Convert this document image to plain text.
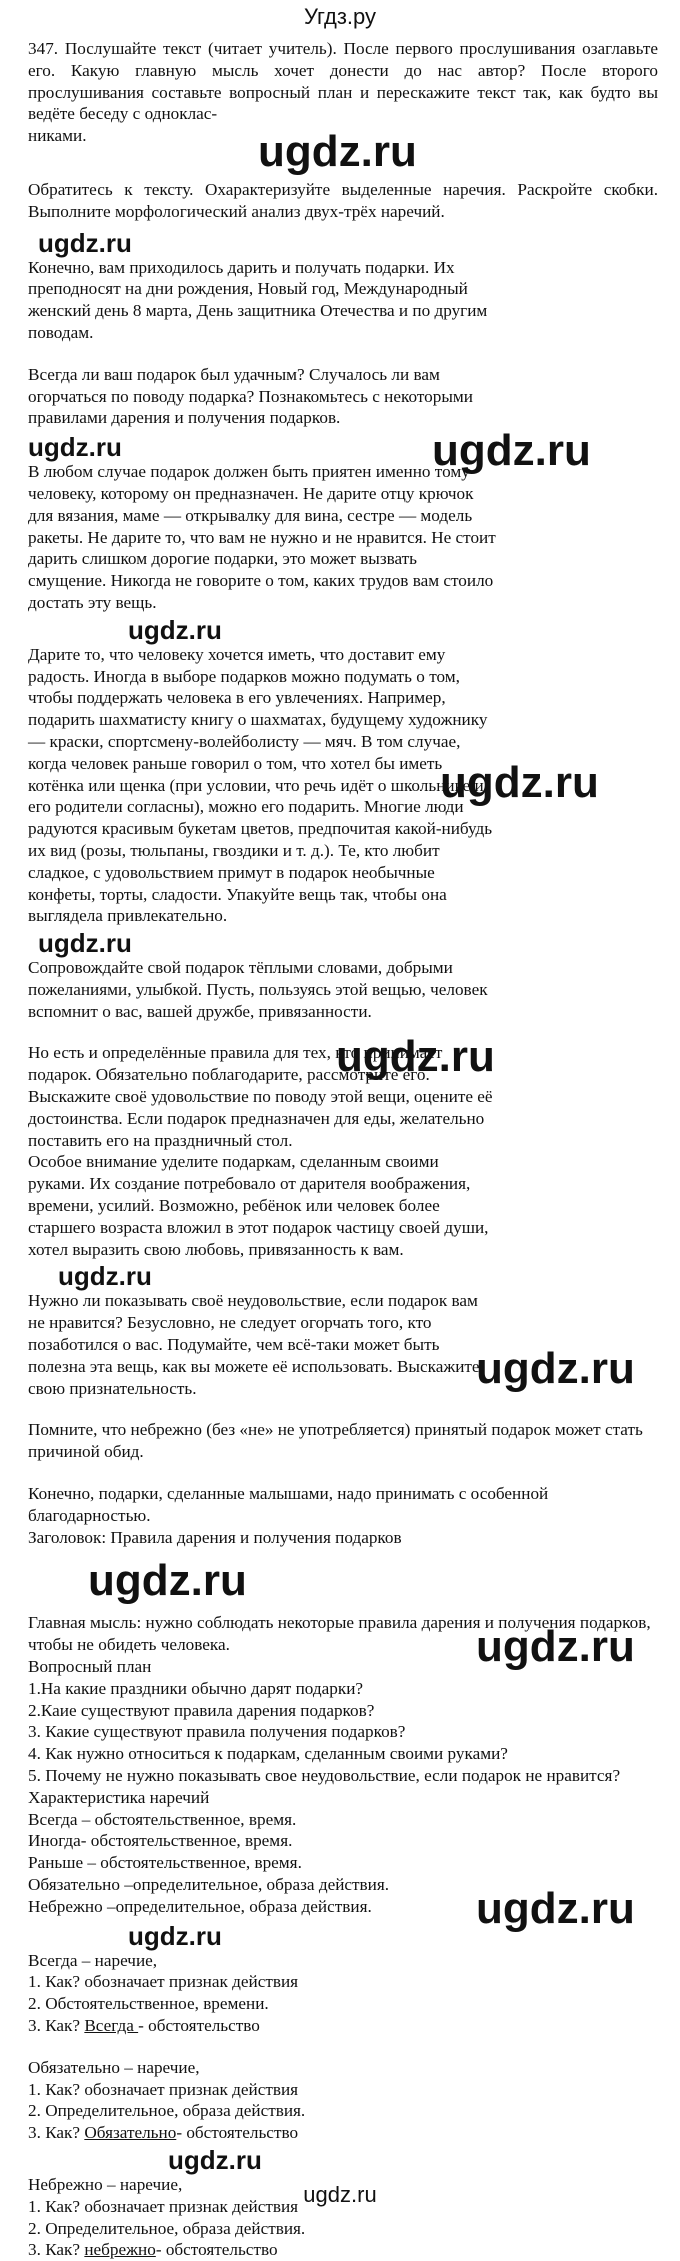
Угдз.ру

347. Послушайте текст (читает учитель). После первого прослушивания озаглавьте его. Какую главную мысль хочет донести до нас автор? После второго прослушивания составьте вопросный план и перескажите текст так, как будто вы ведёте беседу с одноклас-

никами.	ugdz.ru

Обратитесь к тексту. Охарактеризуйте выделенные наречия. Раскройте скобки. Выполните морфологический анализ двух-трёх наречий.

ugdz.ru

Конечно, вам приходилось дарить и получать подарки. Их преподносят на дни рождения, Новый год, Международный женский день 8 марта, День защитника Отечества и по другим поводам.

Всегда ли ваш подарок был удачным? Случалось ли вам огорчаться по поводу подарка? Познакомьтесь с некоторыми правилами дарения и получения подарков.

ugdz.ru

В любом случае подарок должен быть приятен именно тому человеку, которому он предназначен. Не дарите отцу крючок для вязания, маме — открывалку для вина, сестре — модель ракеты. Не дарите то, что вам не нужно и не нравится. Не стоит дарить слишком дорогие подарки, это может вызвать смущение. Никогда не говорите о том, каких трудов вам стоило достать эту вещь.

ugdz.ru

Дарите то, что человеку хочется иметь, что доставит ему радость. Иногда в выборе подарков можно подумать о том, чтобы поддержать человека в его увлечениях. Например, подарить шахматисту книгу о шахматах, будущему художнику — краски, спортсмену-волейболисту — мяч. В том случае, когда человек раньше говорил о том, что хотел бы иметь котёнка или щенка (при условии, что речь идёт о школьнике и его родители согласны), можно его подарить. Многие люди радуются красивым букетам цветов, предпочитая какой-нибудь их вид (розы, тюльпаны, гвоздики и т. д.). Те, кто любит сладкое, с удовольствием примут в подарок необычные конфеты, торты, сладости. Упакуйте вещь так, чтобы она выглядела привлекательно.

ugdz.ru

Сопровождайте свой подарок тёплыми словами, добрыми пожеланиями, улыбкой. Пусть, пользуясь этой вещью, человек вспомнит о вас, вашей дружбе, привязанности.

Но есть и определённые правила для тех, кто принимает подарок. Обязательно поблагодарите, рассмотрите его. Выскажите своё удовольствие по поводу этой вещи, оцените её достоинства. Если подарок предназначен для еды, желательно поставить его на праздничный стол.

Особое внимание уделите подаркам, сделанным своими руками. Их создание потребовало от дарителя воображения, времени, усилий. Возможно, ребёнок или человек более старшего возраста вложил в этот подарок частицу своей души, хотел выразить свою любовь, привязанность к вам.

ugdz.ru

Нужно ли показывать своё неудовольствие, если подарок вам не нравится? Безусловно, не следует огорчать того, кто позаботился о вас. Подумайте, чем всё-таки может быть полезна эта вещь, как вы можете её использовать. Выскажите свою признательность.

Помните, что небрежно (без «не» не употребляется) принятый подарок может стать

причиной обид.

Конечно, подарки, сделанные малышами, надо принимать с особенной благодарностью.

Заголовок: Правила дарения и получения подарков

ugdz.ru

Главная мысль: нужно соблюдать некоторые правила дарения и получения подарков, чтобы не обидеть человека.

Вопросный план

1.На какие праздники обычно дарят подарки?

2.Каие существуют правила дарения подарков?

3. Какие существуют правила получения подарков?

4. Как нужно относиться к подаркам, сделанным своими руками?

5. Почему не нужно показывать свое неудовольствие, если подарок не нравится?

Характеристика наречий

Всегда – обстоятельственное, время.

Иногда- обстоятельственное, время.

Раньше – обстоятельственное, время.

Обязательно –определительное, образа действия.

Небрежно –определительное, образа действия.

ugdz.ru

Всегда – наречие,

1. Как? обозначает признак действия

2. Обстоятельственное, времени.

3. Как? Всегда - обстоятельство

Обязательно – наречие,

1. Как? обозначает признак действия

2. Определительное, образа действия.

3. Как? Обязательно- обстоятельство

ugdz.ru

Небрежно – наречие,

1. Как? обозначает признак действия

2. Определительное, образа действия.

3. Как? небрежно- обстоятельство

ugdz.ru
ugdz.ru
ugdz.ru
ugdz.ru
ugdz.ru
ugdz.ru
ugdz.ru
